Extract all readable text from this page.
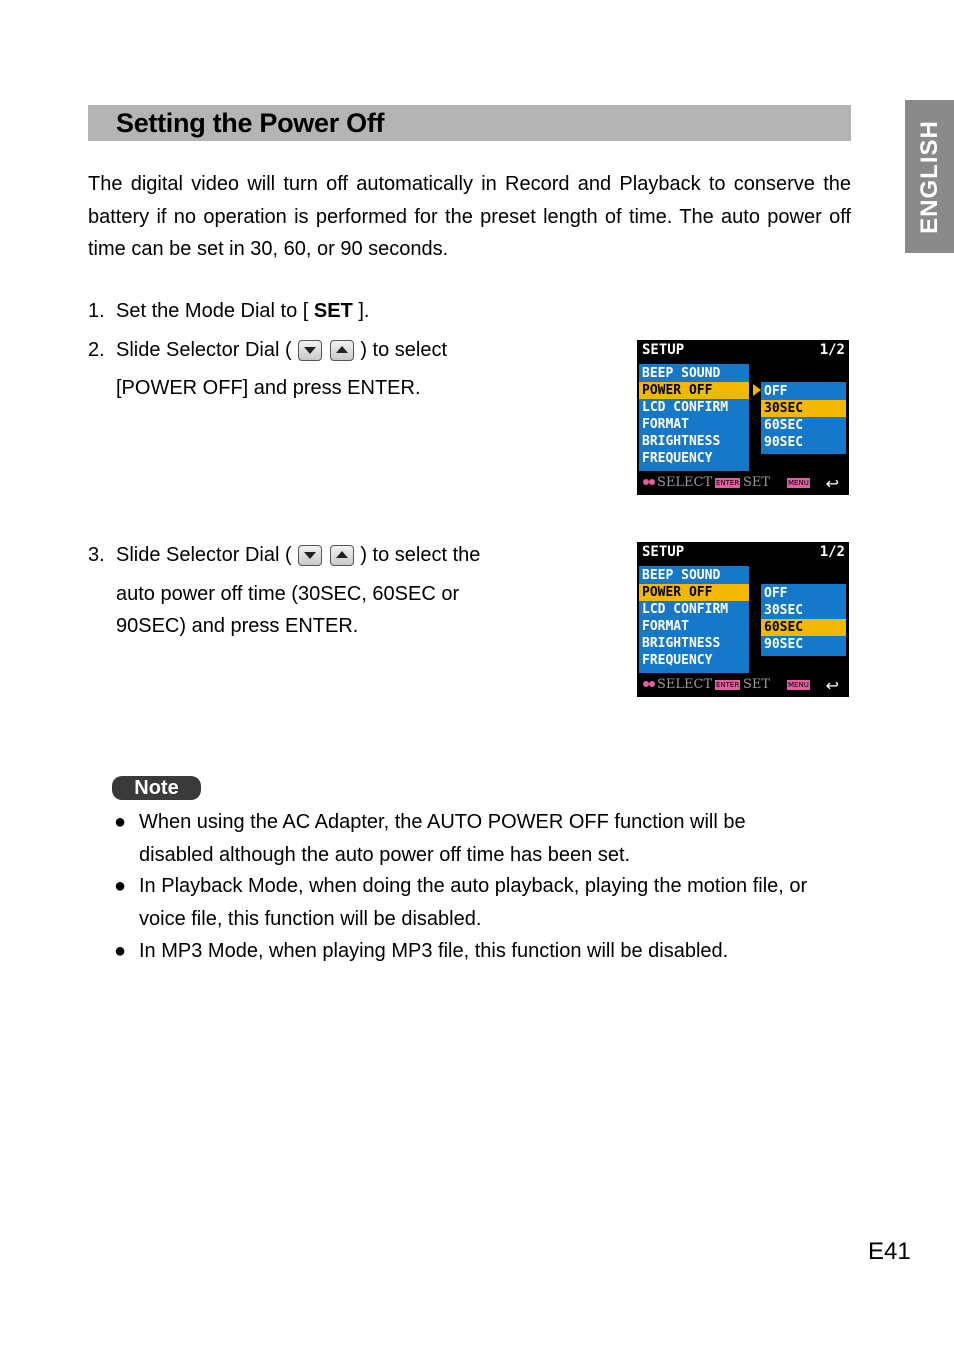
Setting the Power Off	ENGLISH
The digital video will turn off automatically in Record and Playback to conserve the battery if no operation is performed for the preset length of time. The auto power off time can be set in 30, 60, or 90 seconds.
1. Set the Mode Dial to [ SET ].
2. Slide Selector Dial (
	) to select
[POWER OFF] and press ENTER.
3. Slide Selector Dial (
	) to select the
auto power off time (30SEC, 60SEC or
90SEC) and press ENTER.
SETUP	1/2
BEEP SOUND
POWER OFF
LCD CONFIRM
FORMAT
BRIGHTNESS
FREQUENCY
OFF
30SEC
60SEC
90SEC
SELECT ENTER SET	MENU ↩
SETUP	1/2
BEEP SOUND
POWER OFF
LCD CONFIRM
FORMAT
BRIGHTNESS
FREQUENCY
OFF
30SEC
60SEC
90SEC
SELECT ENTER SET	MENU ↩
Note
● When using the AC Adapter, the AUTO POWER OFF function will be
disabled although the auto power off time has been set.
● In Playback Mode, when doing the auto playback, playing the motion file, or
voice file, this function will be disabled.
● In MP3 Mode, when playing MP3 file, this function will be disabled.
E41
